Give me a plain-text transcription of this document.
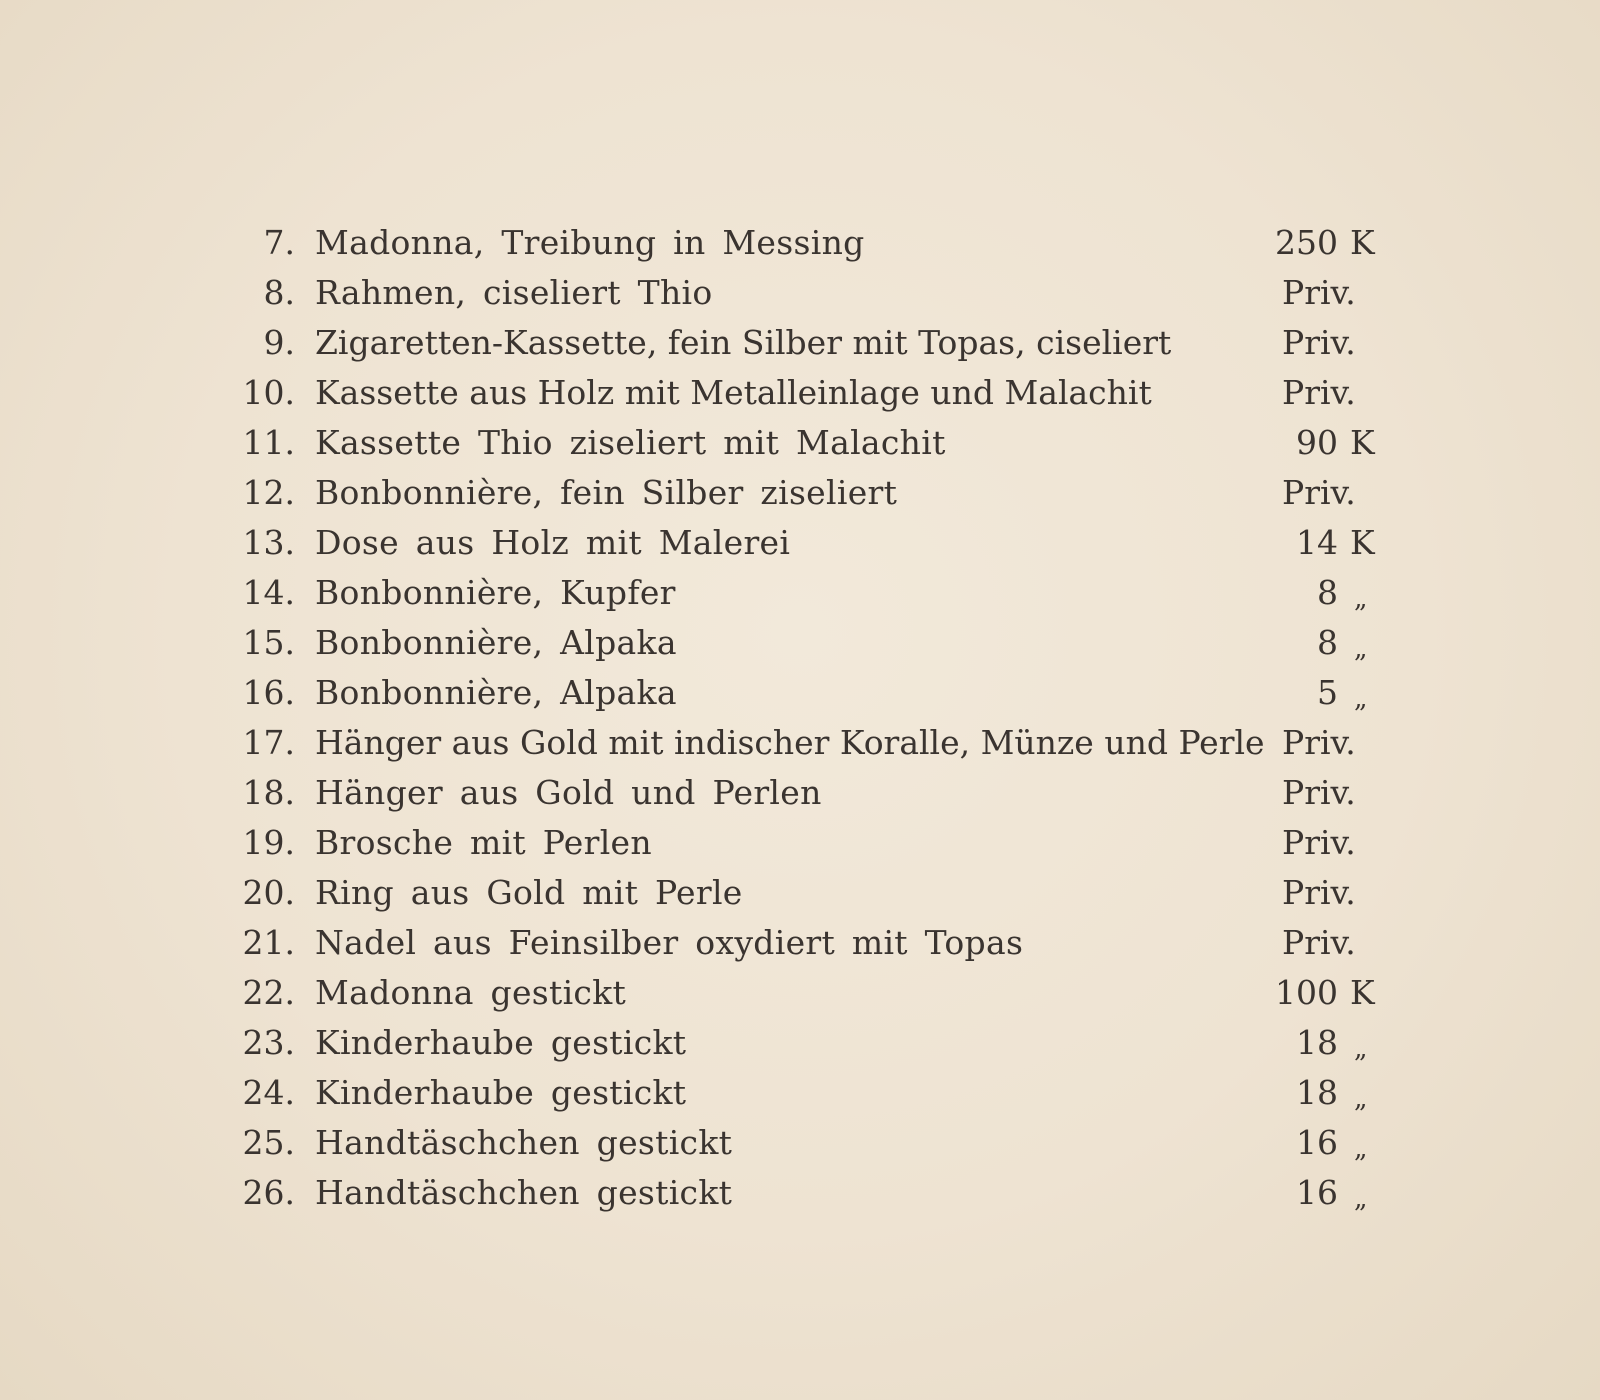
7. Madonna, Treibung in Messing	250 K
8. Rahmen, ciseliert Thio	Priv.
9. Zigaretten-Kassette, fein Silber mit Topas, ciseliert	Priv.
10. Kassette aus Holz mit Metalleinlage und Malachit	Priv.
11. Kassette Thio ziseliert mit Malachit	90 K
12. Bonbonnière, fein Silber ziseliert	Priv.
13. Dose aus Holz mit Malerei	14 K
14. Bonbonnière, Kupfer	8 „
15. Bonbonnière, Alpaka	8 „
16. Bonbonnière, Alpaka	5 „
17. Hänger aus Gold mit indischer Koralle, Münze und Perle Priv.
18. Hänger aus Gold und Perlen	Priv.
19. Brosche mit Perlen	Priv.
20. Ring aus Gold mit Perle	Priv.
21. Nadel aus Feinsilber oxydiert mit Topas	Priv.
22. Madonna gestickt	100 K
23. Kinderhaube gestickt	18 „
24. Kinderhaube gestickt	18 „
25. Handtäschchen gestickt	16 „
26. Handtäschchen gestickt	16 „
